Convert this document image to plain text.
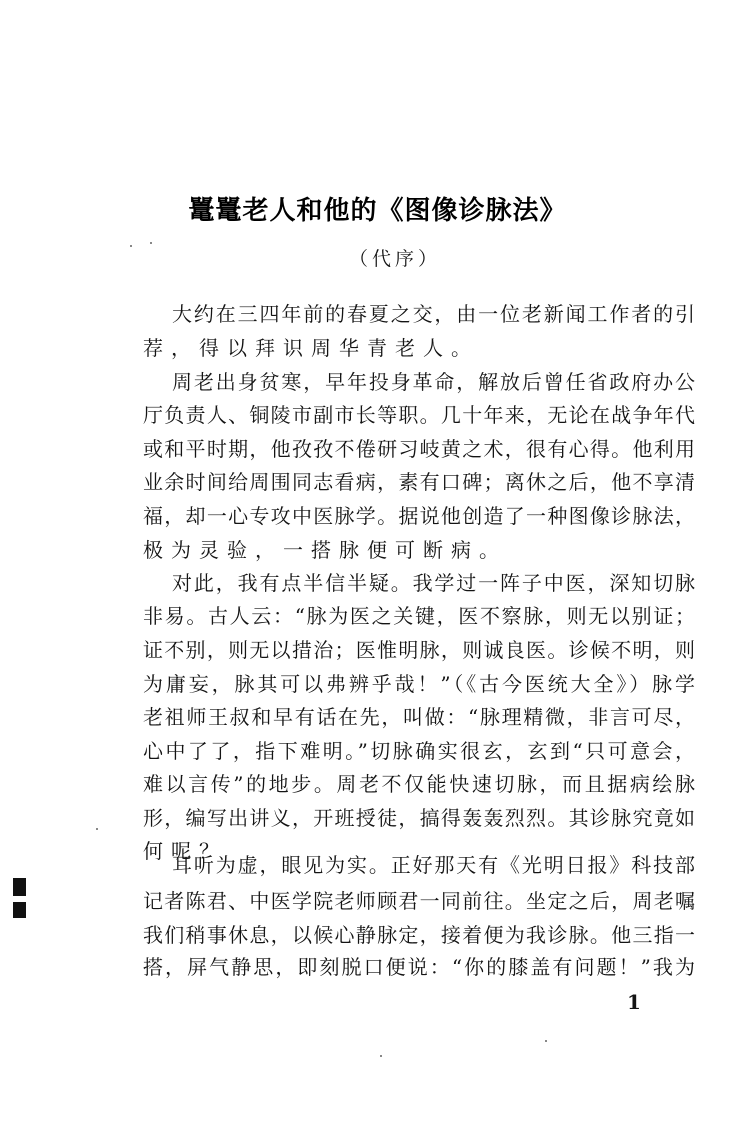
鼍鼍老人和他的《图像诊脉法》
（代序）
大约在三四年前的春夏之交，由一位老新闻工作者的引
荐，得以拜识周华青老人。
周老出身贫寒，早年投身革命，解放后曾任省政府办公
厅负责人、铜陵市副市长等职。几十年来，无论在战争年代
或和平时期，他孜孜不倦研习岐黄之术，很有心得。他利用
业余时间给周围同志看病，素有口碑；离休之后，他不享清
福，却一心专攻中医脉学。据说他创造了一种图像诊脉法，
极为灵验，一搭脉便可断病。
对此，我有点半信半疑。我学过一阵子中医，深知切脉
非易。古人云：“脉为医之关键，医不察脉，则无以别证；
证不别，则无以措治；医惟明脉，则诚良医。诊候不明，则
为庸妄，脉其可以弗辨乎哉！”（《古今医统大全》）脉学
老祖师王叔和早有话在先，叫做：“脉理精微，非言可尽，
心中了了，指下难明。”切脉确实很玄，玄到“只可意会，
难以言传”的地步。周老不仅能快速切脉，而且据病绘脉
形，编写出讲义，开班授徒，搞得轰轰烈烈。其诊脉究竟如
何呢？
耳听为虚，眼见为实。正好那天有《光明日报》科技部
记者陈君、中医学院老师顾君一同前往。坐定之后，周老嘱
我们稍事休息，以候心静脉定，接着便为我诊脉。他三指一
搭，屏气静思，即刻脱口便说：“你的膝盖有问题！”我为
1
